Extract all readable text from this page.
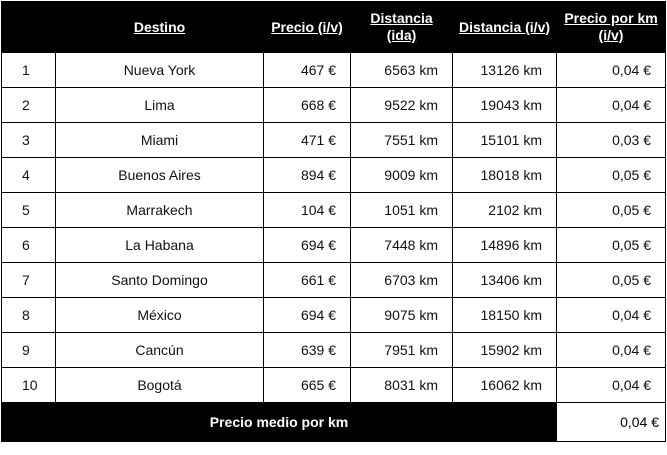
	Destino	Precio (i/v)	Distancia (ida)	Distancia (i/v)	Precio por km (i/v)
1	Nueva York	467 €	6563 km	13126 km	0,04 €
2	Lima	668 €	9522 km	19043 km	0,04 €
3	Miami	471 €	7551 km	15101 km	0,03 €
4	Buenos Aires	894 €	9009 km	18018 km	0,05 €
5	Marrakech	104 €	1051 km	2102 km	0,05 €
6	La Habana	694 €	7448 km	14896 km	0,05 €
7	Santo Domingo	661 €	6703 km	13406 km	0,05 €
8	México	694 €	9075 km	18150 km	0,04 €
9	Cancún	639 €	7951 km	15902 km	0,04 €
10	Bogotá	665 €	8031 km	16062 km	0,04 €
Precio medio por km					0,04 €
